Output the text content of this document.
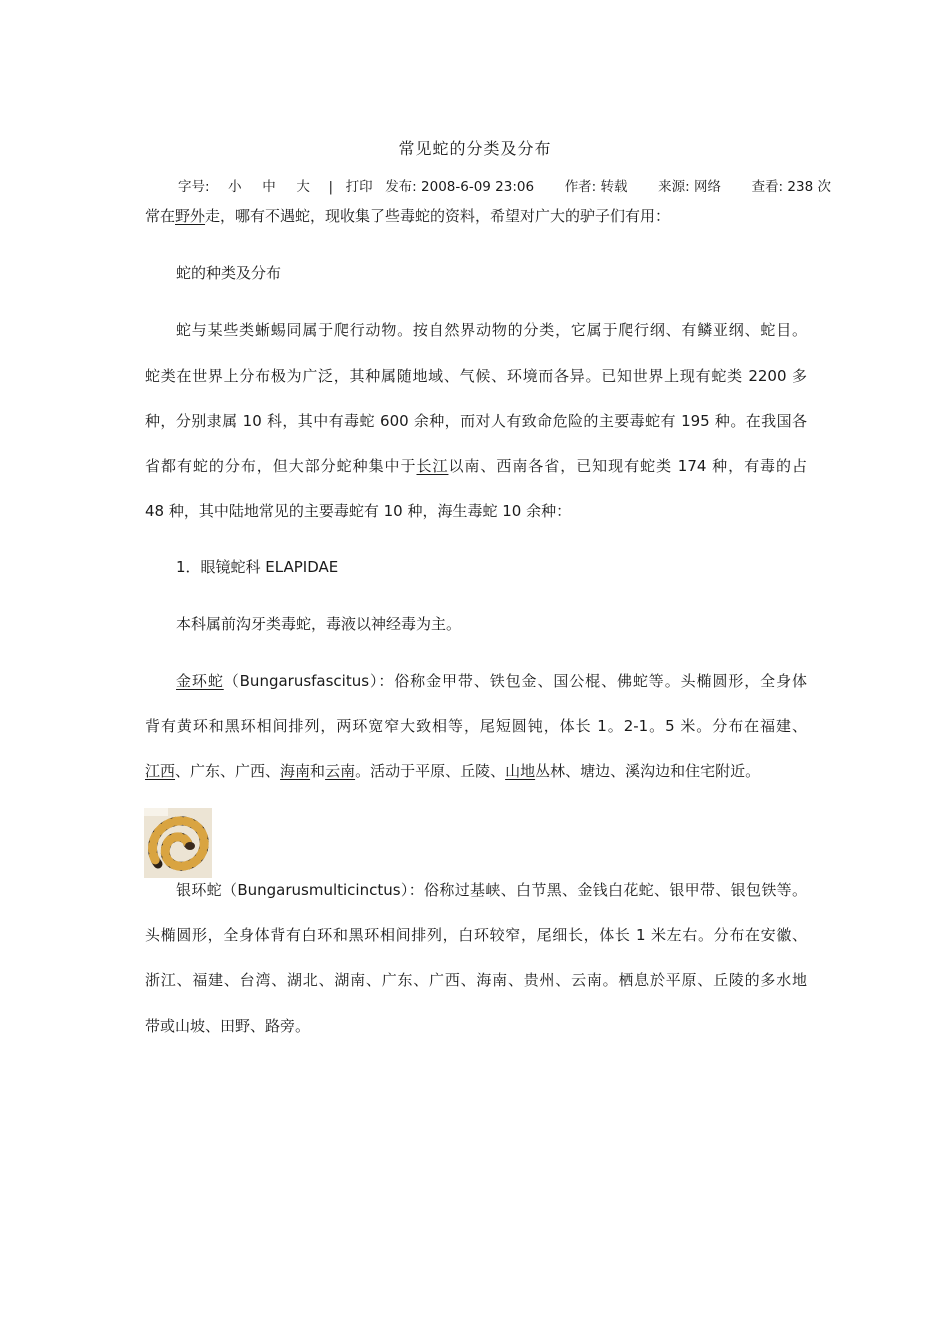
常见蛇的分类及分布
字号: 小 中 大 | 打印 发布: 2008-6-09 23:06 作者: 转载 来源: 网络 查看: 238 次
常在野外走，哪有不遇蛇，现收集了些毒蛇的资料，希望对广大的驴子们有用：
蛇的种类及分布
蛇与某些类蜥蜴同属于爬行动物。按自然界动物的分类，它属于爬行纲、有鳞亚纲、蛇目。
蛇类在世界上分布极为广泛，其种属随地域、气候、环境而各异。已知世界上现有蛇类 2200 多
种，分别隶属 10 科，其中有毒蛇 600 余种，而对人有致命危险的主要毒蛇有 195 种。在我国各
省都有蛇的分布，但大部分蛇种集中于长江以南、西南各省，已知现有蛇类 174 种，有毒的占
48 种，其中陆地常见的主要毒蛇有 10 种，海生毒蛇 10 余种：
1．眼镜蛇科 ELAPIDAE
本科属前沟牙类毒蛇，毒液以神经毒为主。
金环蛇（Bungarusfascitus）：俗称金甲带、铁包金、国公棍、佛蛇等。头椭圆形，全身体
背有黄环和黑环相间排列，两环宽窄大致相等，尾短圆钝，体长 1。2-1。5 米。分布在福建、
江西、广东、广西、海南和云南。活动于平原、丘陵、山地丛林、塘边、溪沟边和住宅附近。
银环蛇（Bungarusmulticinctus）：俗称过基峡、白节黑、金钱白花蛇、银甲带、银包铁等。
头椭圆形，全身体背有白环和黑环相间排列，白环较窄，尾细长，体长 1 米左右。分布在安徽、
浙江、福建、台湾、湖北、湖南、广东、广西、海南、贵州、云南。栖息於平原、丘陵的多水地
带或山坡、田野、路旁。
